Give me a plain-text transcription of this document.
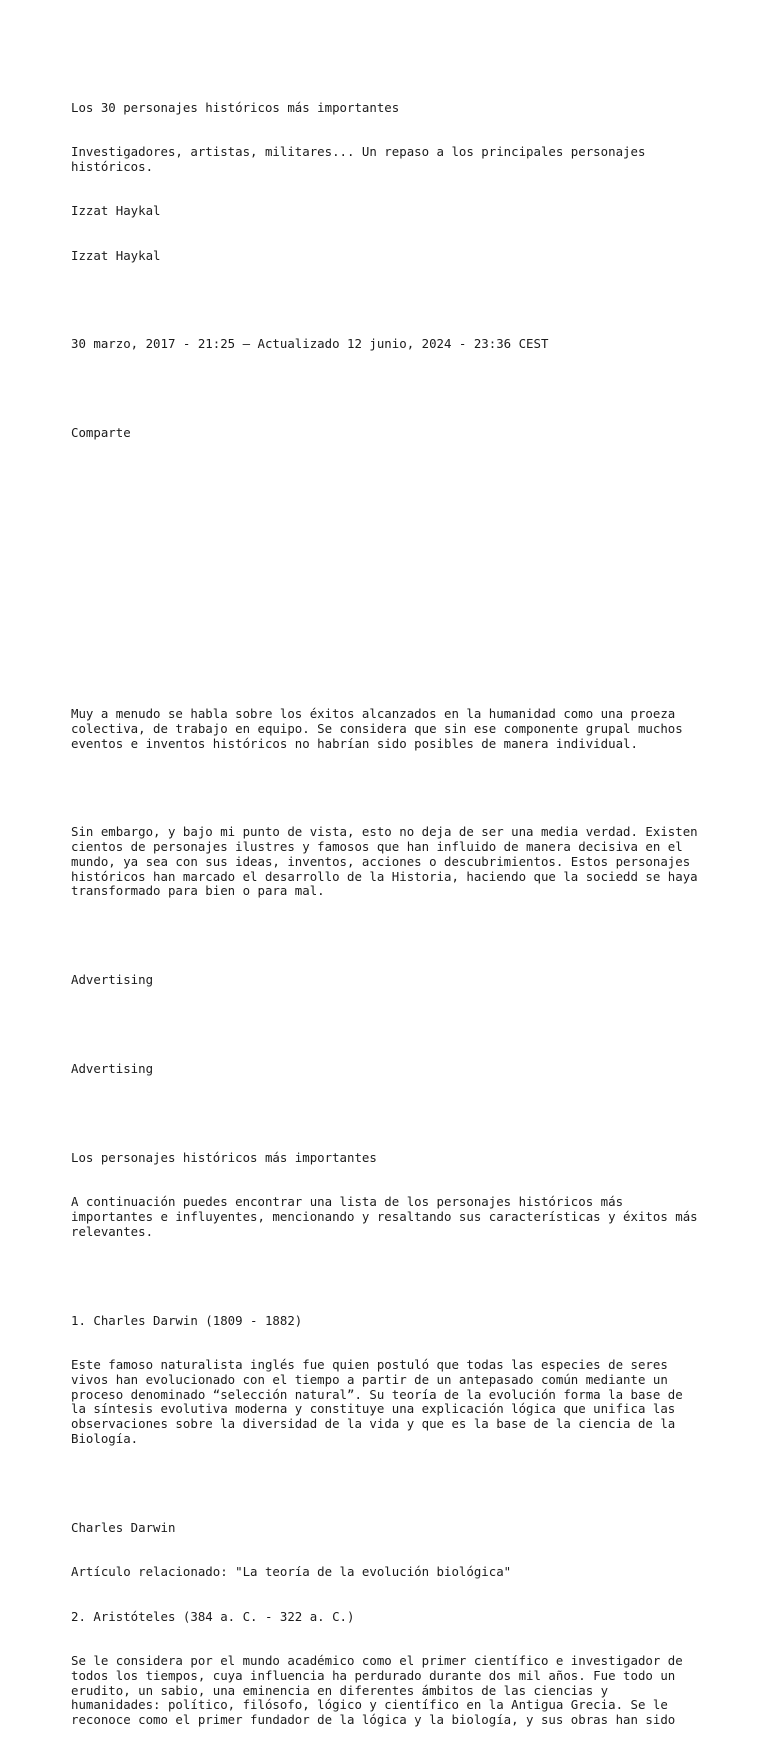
Los 30 personajes históricos más importantes

Investigadores, artistas, militares... Un repaso a los principales personajes históricos.

Izzat Haykal

Izzat Haykal

30 marzo, 2017 - 21:25 — Actualizado 12 junio, 2024 - 23:36 CEST

Comparte

Muy a menudo se habla sobre los éxitos alcanzados en la humanidad como una proeza colectiva, de trabajo en equipo. Se considera que sin ese componente grupal muchos eventos e inventos históricos no habrían sido posibles de manera individual.

Sin embargo, y bajo mi punto de vista, esto no deja de ser una media verdad. Existen cientos de personajes ilustres y famosos que han influido de manera decisiva en el mundo, ya sea con sus ideas, inventos, acciones o descubrimientos. Estos personajes históricos han marcado el desarrollo de la Historia, haciendo que la sociedd se haya transformado para bien o para mal.

Advertising

Advertising

Los personajes históricos más importantes

A continuación puedes encontrar una lista de los personajes históricos más importantes e influyentes, mencionando y resaltando sus características y éxitos más relevantes.

1. Charles Darwin (1809 - 1882)

Este famoso naturalista inglés fue quien postuló que todas las especies de seres vivos han evolucionado con el tiempo a partir de un antepasado común mediante un proceso denominado “selección natural”. Su teoría de la evolución forma la base de la síntesis evolutiva moderna y constituye una explicación lógica que unifica las observaciones sobre la diversidad de la vida y que es la base de la ciencia de la Biología.

Charles Darwin

Artículo relacionado: "La teoría de la evolución biológica"

2. Aristóteles (384 a. C. - 322 a. C.)

Se le considera por el mundo académico como el primer científico e investigador de todos los tiempos, cuya influencia ha perdurado durante dos mil años. Fue todo un erudito, un sabio, una eminencia en diferentes ámbitos de las ciencias y humanidades: político, filósofo, lógico y científico en la Antigua Grecia. Se le reconoce como el primer fundador de la lógica y la biología, y sus obras han sido
